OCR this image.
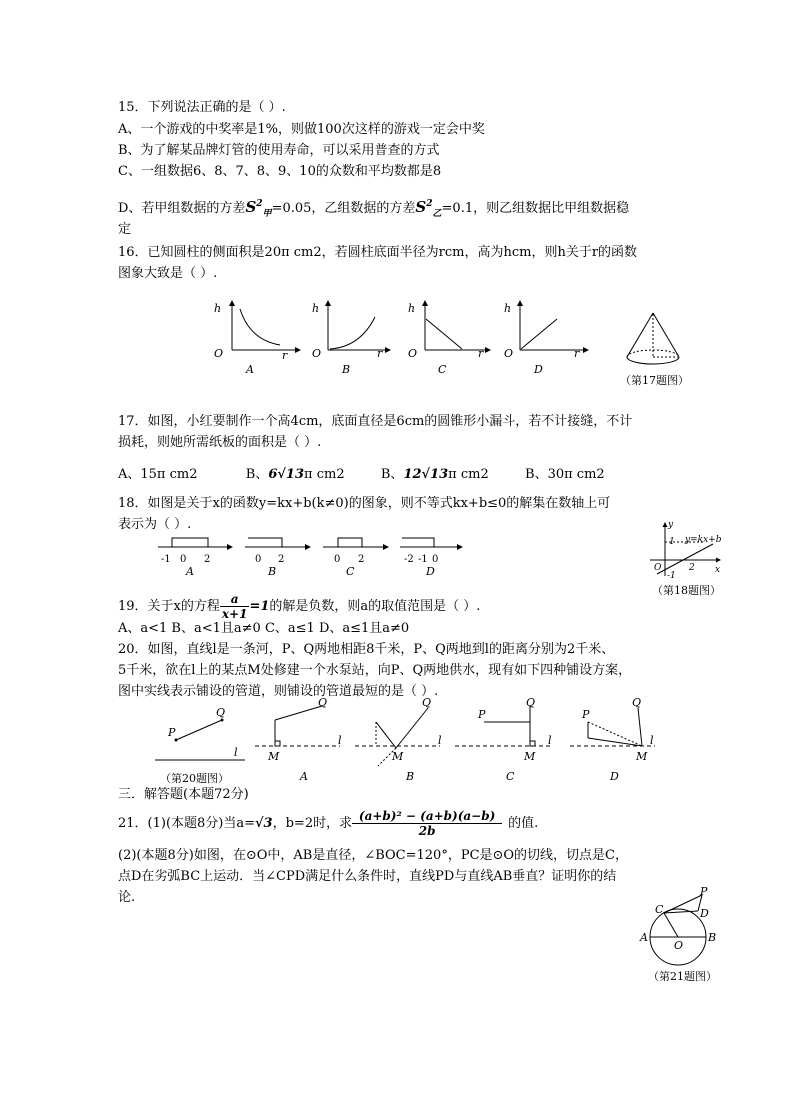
15．下列说法正确的是（ ）.
A、一个游戏的中奖率是1%，则做100次这样的游戏一定会中奖
B、为了解某品牌灯管的使用寿命，可以采用普查的方式
C、一组数据6、8、7、8、9、10的众数和平均数都是8
D、若甲组数据的方差$S^2_甲=0.05$，乙组数据的方差$S^2_乙=0.1$，则乙组数据比甲组数据稳
定
16．已知圆柱的侧面积是20π cm2，若圆柱底面半径为rcm，高为hcm，则h关于r的函数
图象大致是（ ）.
h
O	r
A
h
O	r
B
h
O	r
C
h
O	r
D
（第17题图）
17．如图，小红要制作一个高4cm，底面直径是6cm的圆锥形小漏斗，若不计接缝，不计
损耗，则她所需纸板的面积是（ ）.
A、15π cm2	B、6√13π cm2	B、12√13π cm2	B、30π cm2
18．如图是关于x的函数y=kx+b(k≠0)的图象，则不等式kx+b≤0的解集在数轴上可
表示为（ ）.
-1 0 2
A
0 2
B
0 2
C
-2 -1 0
D
y
x
O
y=kx+b
1
2
-1
（第18题图）
19．关于x的方程 $\frac{a}{x+1} =1$的解是负数，则a的取值范围是（ ）.
A、a<1 B、a<1且a≠0 C、a≤1 D、a≤1且a≠0
20．如图，直线l是一条河，P、Q两地相距8千米，P、Q两地到l的距离分别为2千米、
5千米，欲在l上的某点M处修建一个水泵站，向P、Q两地供水，现有如下四种铺设方案，
图中实线表示铺设的管道，则铺设的管道最短的是（ ）.
P
Q
l	M
Q
l
A
M
Q
l
B
P
Q
M
l
C
P
Q
M
l
D
（第20题图）
三．解答题(本题72分)
21．(1)(本题8分)当a=√3，b=2时，求 $\frac{\text{(a+b)² − (a+b)(a−b)}}{2b}$ 的值.
(2)(本题8分)如图，在⊙O中，AB是直径，∠BOC=120°，PC是⊙O的切线，切点是C，
点D在劣弧BC上运动．当∠CPD满足什么条件时，直线PD与直线AB垂直？证明你的结
论.
A	B
C	D
O
P
（第21题图）
